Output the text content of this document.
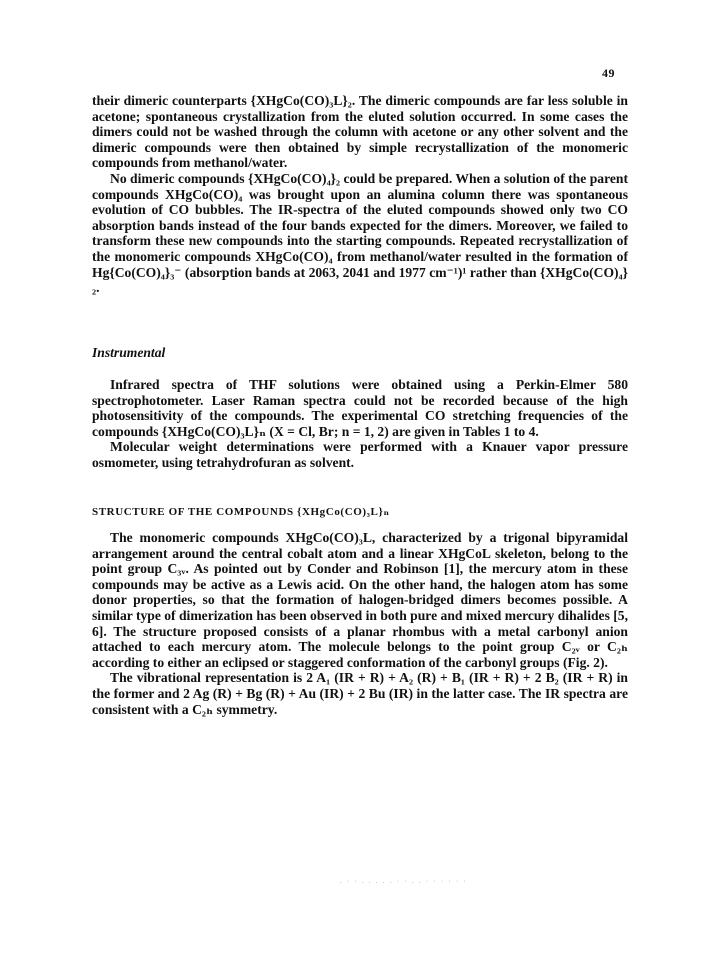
49

their dimeric counterparts {XHgCo(CO)₃L}₂. The dimeric compounds are far less soluble in acetone; spontaneous crystallization from the eluted solution occurred. In some cases the dimers could not be washed through the column with acetone or any other solvent and the dimeric compounds were then obtained by simple recrystallization of the monomeric compounds from methanol/water.

No dimeric compounds {XHgCo(CO)₄}₂ could be prepared. When a solution of the parent compounds XHgCo(CO)₄ was brought upon an alumina column there was spontaneous evolution of CO bubbles. The IR-spectra of the eluted compounds showed only two CO absorption bands instead of the four bands expected for the dimers. Moreover, we failed to transform these new compounds into the starting compounds. Repeated recrystallization of the monomeric compounds XHgCo(CO)₄ from methanol/water resulted in the formation of Hg{Co(CO)₄}₃⁻ (absorption bands at 2063, 2041 and 1977 cm⁻¹)¹ rather than {XHgCo(CO)₄}₂.

Instrumental

Infrared spectra of THF solutions were obtained using a Perkin-Elmer 580 spectrophotometer. Laser Raman spectra could not be recorded because of the high photosensitivity of the compounds. The experimental CO stretching frequencies of the compounds {XHgCo(CO)₃L}ₙ (X = Cl, Br; n = 1, 2) are given in Tables 1 to 4.

Molecular weight determinations were performed with a Knauer vapor pressure osmometer, using tetrahydrofuran as solvent.

STRUCTURE OF THE COMPOUNDS {XHgCo(CO)₃L}ₙ

The monomeric compounds XHgCo(CO)₃L, characterized by a trigonal bipyramidal arrangement around the central cobalt atom and a linear XHgCoL skeleton, belong to the point group C₃ᵥ. As pointed out by Conder and Robinson [1], the mercury atom in these compounds may be active as a Lewis acid. On the other hand, the halogen atom has some donor properties, so that the formation of halogen-bridged dimers becomes possible. A similar type of dimerization has been observed in both pure and mixed mercury dihalides [5, 6]. The structure proposed consists of a planar rhombus with a metal carbonyl anion attached to each mercury atom. The molecule belongs to the point group C₂ᵥ or C₂ₕ according to either an eclipsed or staggered conformation of the carbonyl groups (Fig. 2).

The vibrational representation is 2 A₁ (IR + R) + A₂ (R) + B₁ (IR + R) + 2 B₂ (IR + R) in the former and 2 Ag (R) + Bg (R) + Au (IR) + 2 Bu (IR) in the latter case. The IR spectra are consistent with a C₂ₕ symmetry.

. · · . . . . . · · . . · · · · · ·
